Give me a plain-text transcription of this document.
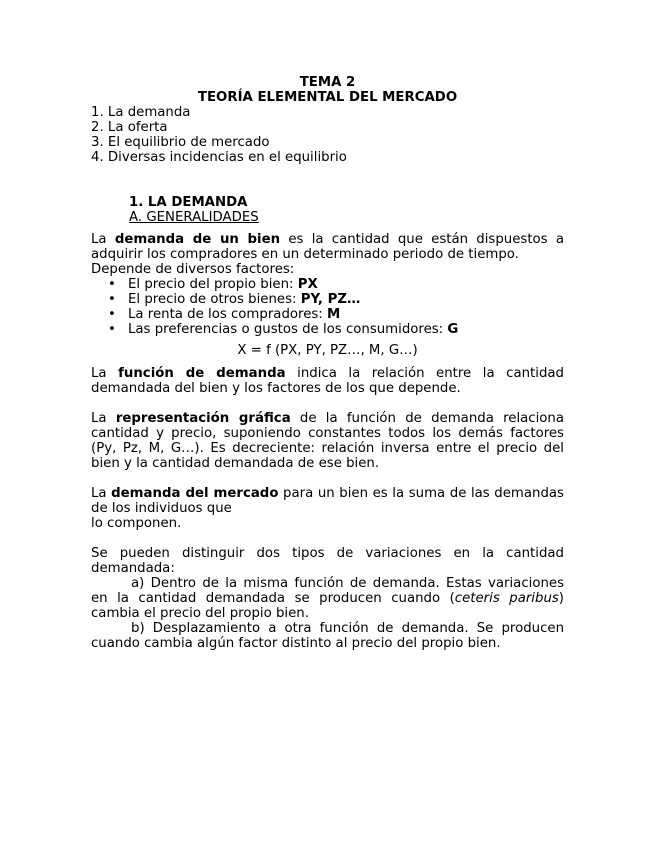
TEMA 2
TEORÍA ELEMENTAL DEL MERCADO
1. La demanda
2. La oferta
3. El equilibrio de mercado
4. Diversas incidencias en el equilibrio
1. LA DEMANDA
A. GENERALIDADES
La demanda de un bien es la cantidad que están dispuestos a adquirir los compradores en un determinado periodo de tiempo.
Depende de diversos factores:
• El precio del propio bien: PX
• El precio de otros bienes: PY, PZ…
• La renta de los compradores: M
• Las preferencias o gustos de los consumidores: G
X = f (PX, PY, PZ…, M, G…)
La función de demanda indica la relación entre la cantidad demandada del bien y los factores de los que depende.
La representación gráfica de la función de demanda relaciona cantidad y precio, suponiendo constantes todos los demás factores (Py, Pz, M, G…). Es decreciente: relación inversa entre el precio del bien y la cantidad demandada de ese bien.
La demanda del mercado para un bien es la suma de las demandas de los individuos que
lo componen.
Se pueden distinguir dos tipos de variaciones en la cantidad demandada:
a) Dentro de la misma función de demanda. Estas variaciones en la cantidad demandada se producen cuando (ceteris paribus) cambia el precio del propio bien.
b) Desplazamiento a otra función de demanda. Se producen cuando cambia algún factor distinto al precio del propio bien.
